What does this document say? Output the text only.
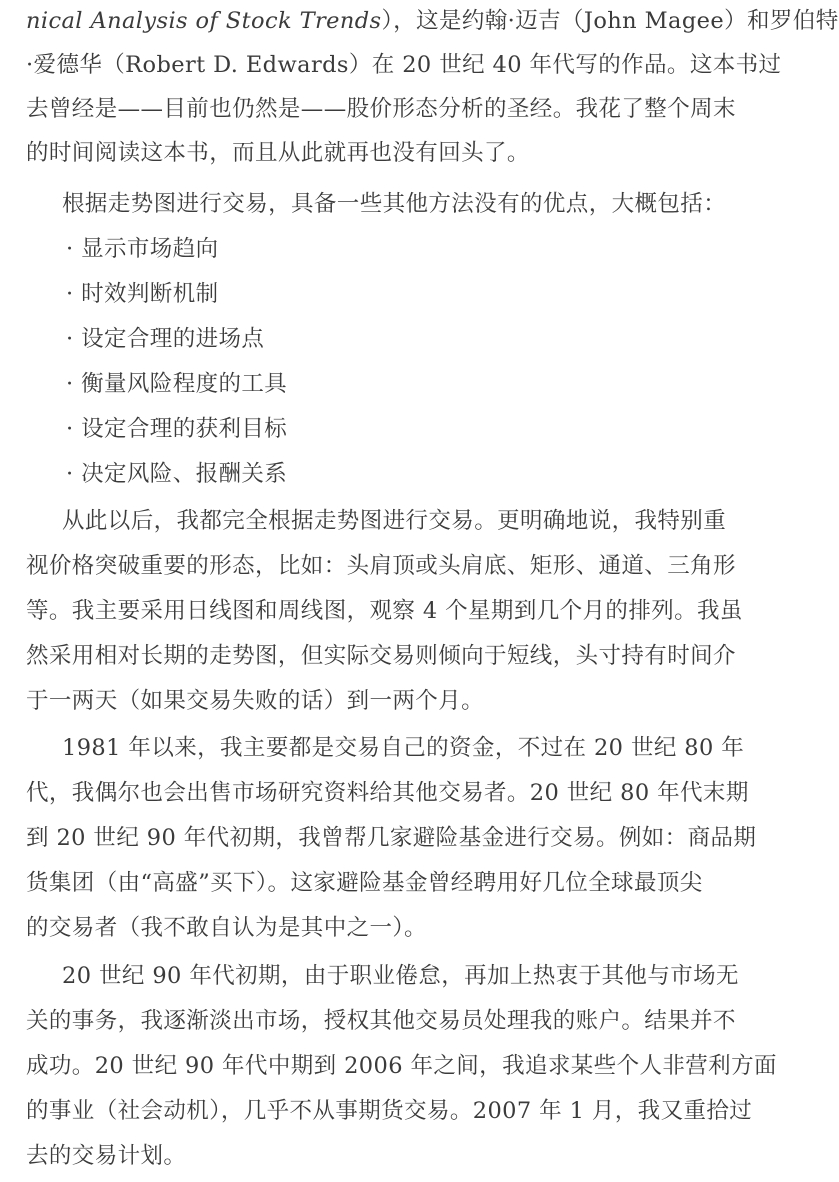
nical Analysis of Stock Trends），这是约翰·迈吉（John Magee）和罗伯特
·爱德华（Robert D. Edwards）在 20 世纪 40 年代写的作品。这本书过
去曾经是——目前也仍然是——股价形态分析的圣经。我花了整个周末
的时间阅读这本书，而且从此就再也没有回头了。
根据走势图进行交易，具备一些其他方法没有的优点，大概包括：
· 显示市场趋向
· 时效判断机制
· 设定合理的进场点
· 衡量风险程度的工具
· 设定合理的获利目标
· 决定风险、报酬关系
从此以后，我都完全根据走势图进行交易。更明确地说，我特别重
视价格突破重要的形态，比如：头肩顶或头肩底、矩形、通道、三角形
等。我主要采用日线图和周线图，观察 4 个星期到几个月的排列。我虽
然采用相对长期的走势图，但实际交易则倾向于短线，头寸持有时间介
于一两天（如果交易失败的话）到一两个月。
1981 年以来，我主要都是交易自己的资金，不过在 20 世纪 80 年
代，我偶尔也会出售市场研究资料给其他交易者。20 世纪 80 年代末期
到 20 世纪 90 年代初期，我曾帮几家避险基金进行交易。例如：商品期
货集团（由“高盛”买下）。这家避险基金曾经聘用好几位全球最顶尖
的交易者（我不敢自认为是其中之一）。
20 世纪 90 年代初期，由于职业倦怠，再加上热衷于其他与市场无
关的事务，我逐渐淡出市场，授权其他交易员处理我的账户。结果并不
成功。20 世纪 90 年代中期到 2006 年之间，我追求某些个人非营利方面
的事业（社会动机），几乎不从事期货交易。2007 年 1 月，我又重拾过
去的交易计划。
